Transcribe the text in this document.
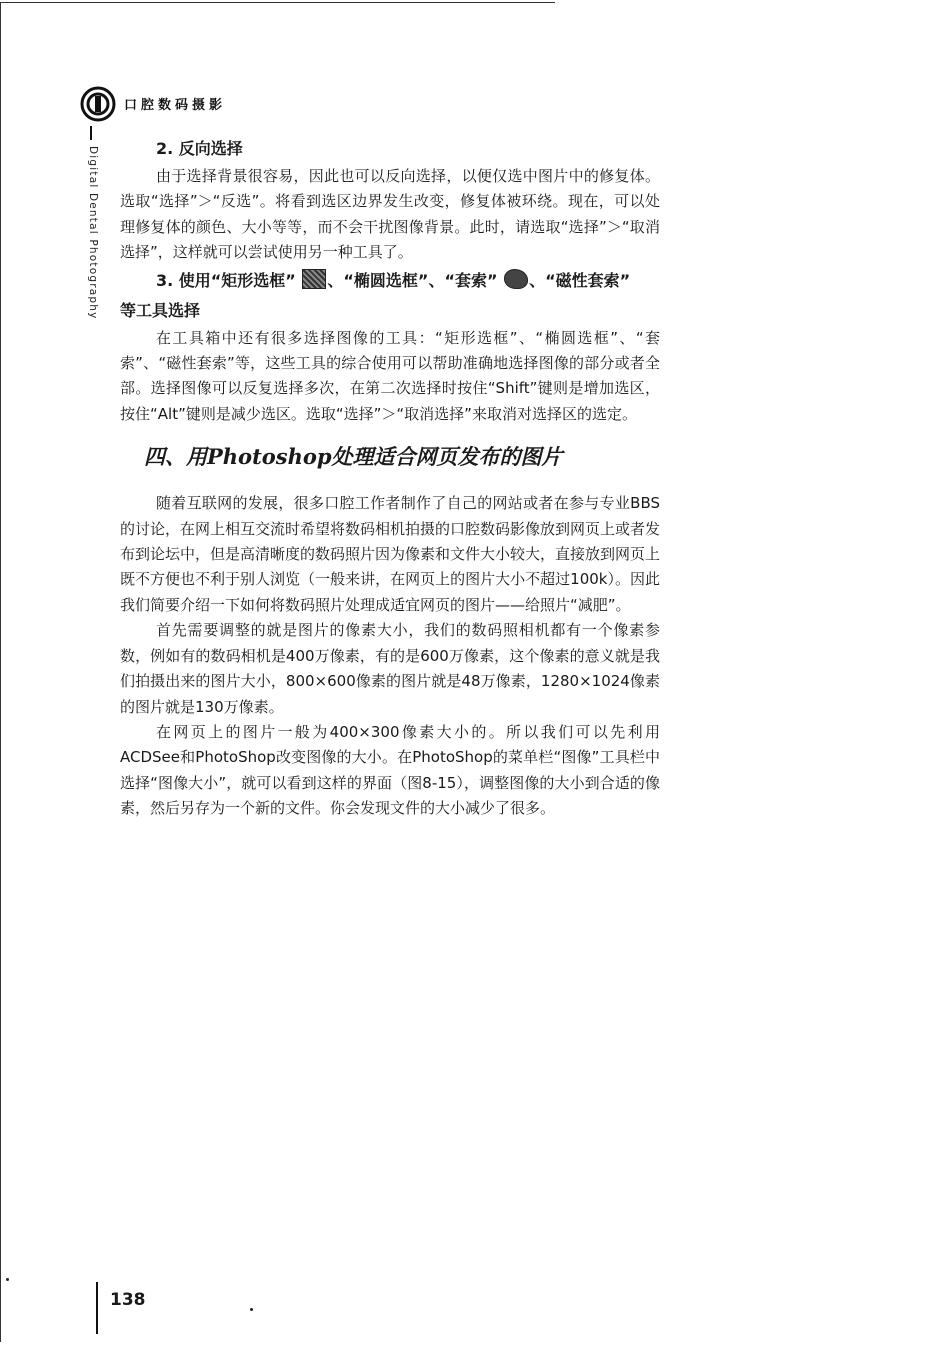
口腔数码摄影
Digital Dental Photography	2. 反向选择

由于选择背景很容易，因此也可以反向选择，以便仅选中图片中的修复体。选取“选择”＞“反选”。将看到选区边界发生改变，修复体被环绕。现在，可以处理修复体的颜色、大小等等，而不会干扰图像背景。此时，请选取“选择”＞“取消选择”，这样就可以尝试使用另一种工具了。

3. 使用“矩形选框” 、“椭圆选框”、“套索” 、“磁性套索”
等工具选择

在工具箱中还有很多选择图像的工具：“矩形选框”、“椭圆选框”、“套索”、“磁性套索”等，这些工具的综合使用可以帮助准确地选择图像的部分或者全部。选择图像可以反复选择多次，在第二次选择时按住“Shift”键则是增加选区，按住“Alt”键则是减少选区。选取“选择”＞“取消选择”来取消对选择区的选定。

四、用Photoshop处理适合网页发布的图片

随着互联网的发展，很多口腔工作者制作了自己的网站或者在参与专业BBS的讨论，在网上相互交流时希望将数码相机拍摄的口腔数码影像放到网页上或者发布到论坛中，但是高清晰度的数码照片因为像素和文件大小较大，直接放到网页上既不方便也不利于别人浏览（一般来讲，在网页上的图片大小不超过100k）。因此我们简要介绍一下如何将数码照片处理成适宜网页的图片——给照片“减肥”。

首先需要调整的就是图片的像素大小，我们的数码照相机都有一个像素参数，例如有的数码相机是400万像素，有的是600万像素，这个像素的意义就是我们拍摄出来的图片大小，800×600像素的图片就是48万像素，1280×1024像素的图片就是130万像素。

在网页上的图片一般为400×300像素大小的。所以我们可以先利用ACDSee和PhotoShop改变图像的大小。在PhotoShop的菜单栏“图像”工具栏中选择“图像大小”，就可以看到这样的界面（图8-15），调整图像的大小到合适的像素，然后另存为一个新的文件。你会发现文件的大小减少了很多。

138
